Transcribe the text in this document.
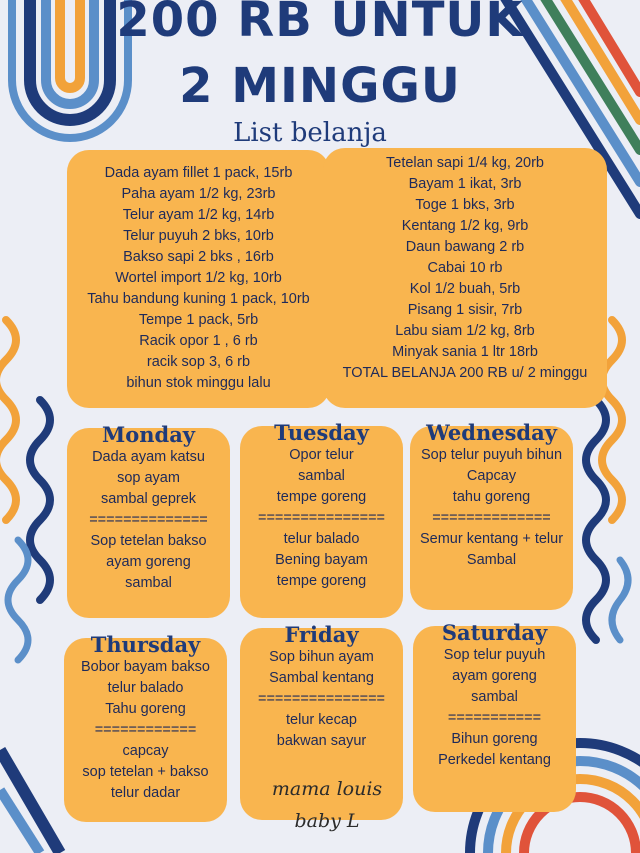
200 RB UNTUK
2 MINGGU
List belanja
Dada ayam fillet 1 pack, 15rb
Paha ayam 1/2 kg, 23rb
Telur ayam 1/2 kg, 14rb
Telur puyuh 2 bks, 10rb
Bakso sapi 2 bks , 16rb
Wortel import 1/2 kg, 10rb
Tahu bandung kuning 1 pack, 10rb
Tempe 1 pack, 5rb
Racik opor 1 , 6 rb
racik sop 3, 6 rb
bihun stok minggu lalu
Tetelan sapi 1/4 kg, 20rb
Bayam 1 ikat, 3rb
Toge 1 bks, 3rb
Kentang 1/2 kg, 9rb
Daun bawang 2 rb
Cabai 10 rb
Kol 1/2 buah, 5rb
Pisang 1 sisir, 7rb
Labu siam 1/2 kg, 8rb
Minyak sania 1 ltr 18rb
TOTAL BELANJA 200 RB u/ 2 minggu
Monday
Dada ayam katsu
sop ayam
sambal geprek
==============
Sop tetelan bakso
ayam goreng
sambal
Tuesday
Opor telur
sambal
tempe goreng
===============
telur balado
Bening bayam
tempe goreng
Wednesday
Sop telur puyuh bihun
Capcay
tahu goreng
==============
Semur kentang + telur
Sambal
Thursday
Bobor bayam bakso
telur balado
Tahu goreng
============
capcay
sop tetelan + bakso
telur dadar
Friday
Sop bihun ayam
Sambal kentang
===============
telur kecap
bakwan sayur
Saturday
Sop telur puyuh
ayam goreng
sambal
===========
Bihun goreng
Perkedel kentang
mama louis
baby L
